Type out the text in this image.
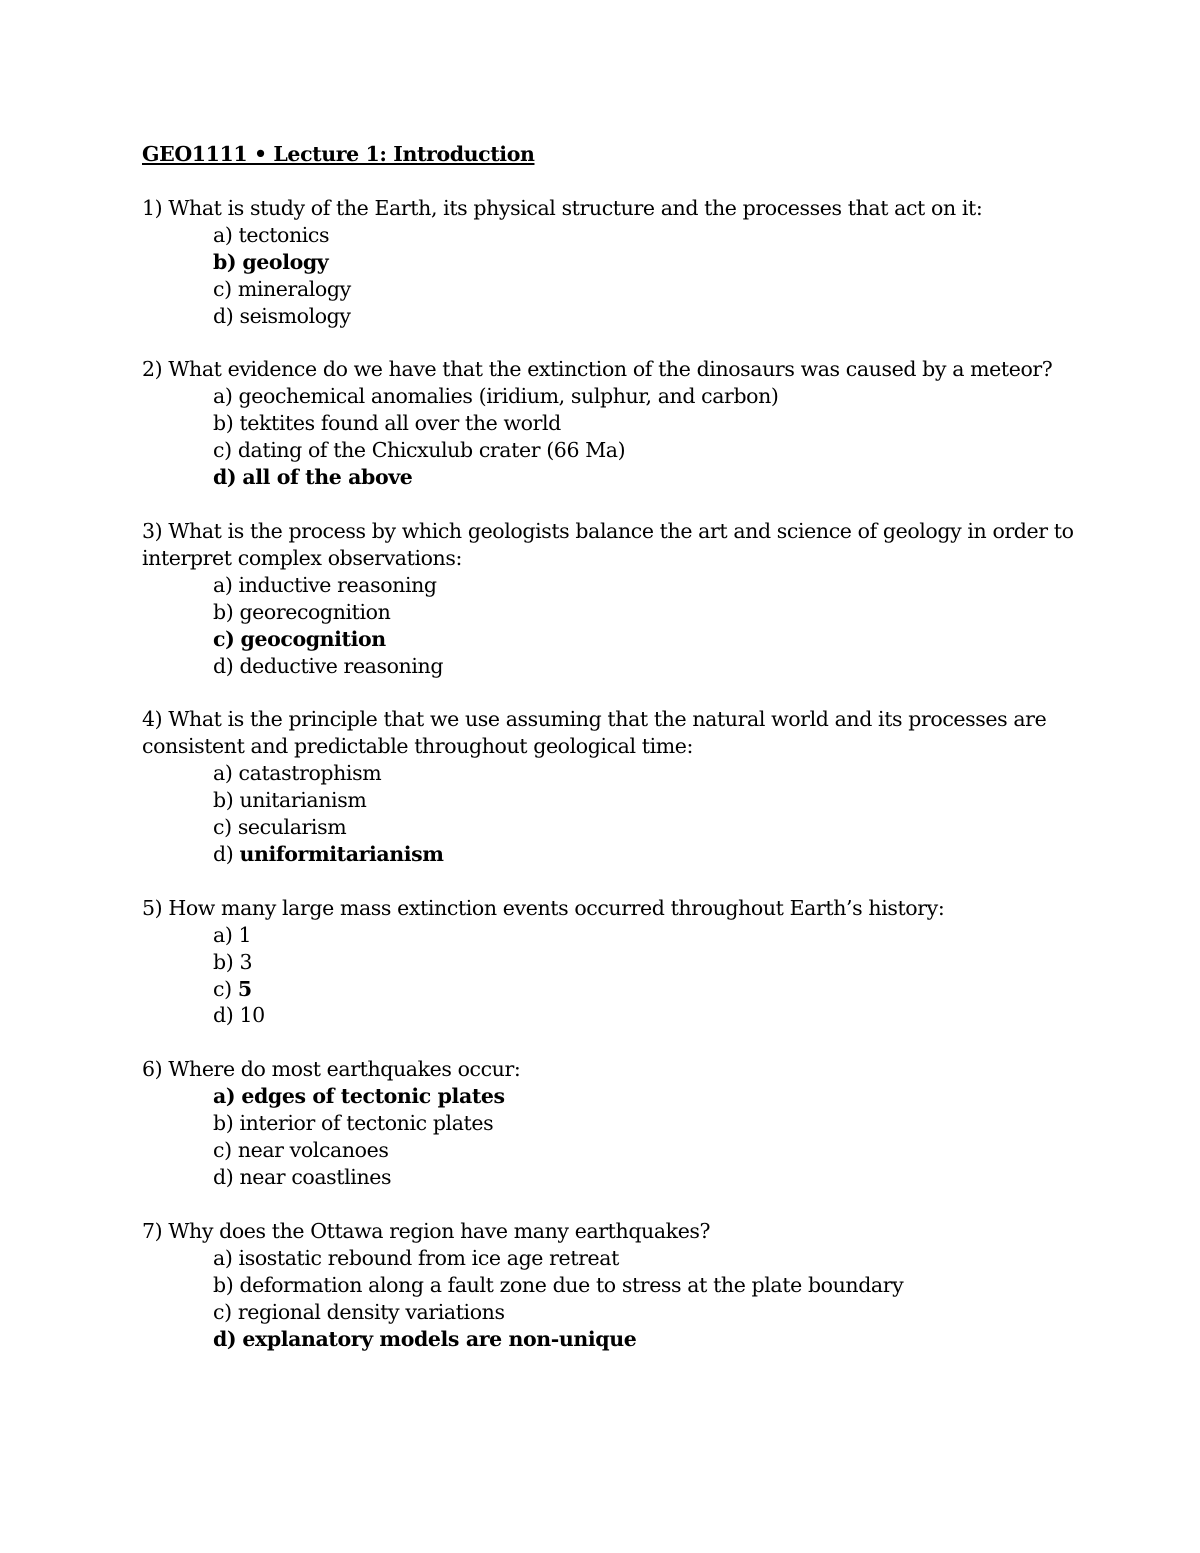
GEO1111 • Lecture 1: Introduction

1) What is study of the Earth, its physical structure and the processes that act on it:

a) tectonics
b) geology
c) mineralogy
d) seismology

2) What evidence do we have that the extinction of the dinosaurs was caused by a meteor?

a) geochemical anomalies (iridium, sulphur, and carbon)
b) tektites found all over the world
c) dating of the Chicxulub crater (66 Ma)
d) all of the above

3) What is the process by which geologists balance the art and science of geology in order to interpret complex observations:

a) inductive reasoning
b) georecognition
c) geocognition
d) deductive reasoning

4) What is the principle that we use assuming that the natural world and its processes are consistent and predictable throughout geological time:

a) catastrophism
b) unitarianism
c) secularism
d) uniformitarianism

5) How many large mass extinction events occurred throughout Earth’s history:

a) 1
b) 3
c) 5
d) 10

6) Where do most earthquakes occur:

a) edges of tectonic plates
b) interior of tectonic plates
c) near volcanoes
d) near coastlines

7) Why does the Ottawa region have many earthquakes?

a) isostatic rebound from ice age retreat
b) deformation along a fault zone due to stress at the plate boundary
c) regional density variations
d) explanatory models are non-unique
